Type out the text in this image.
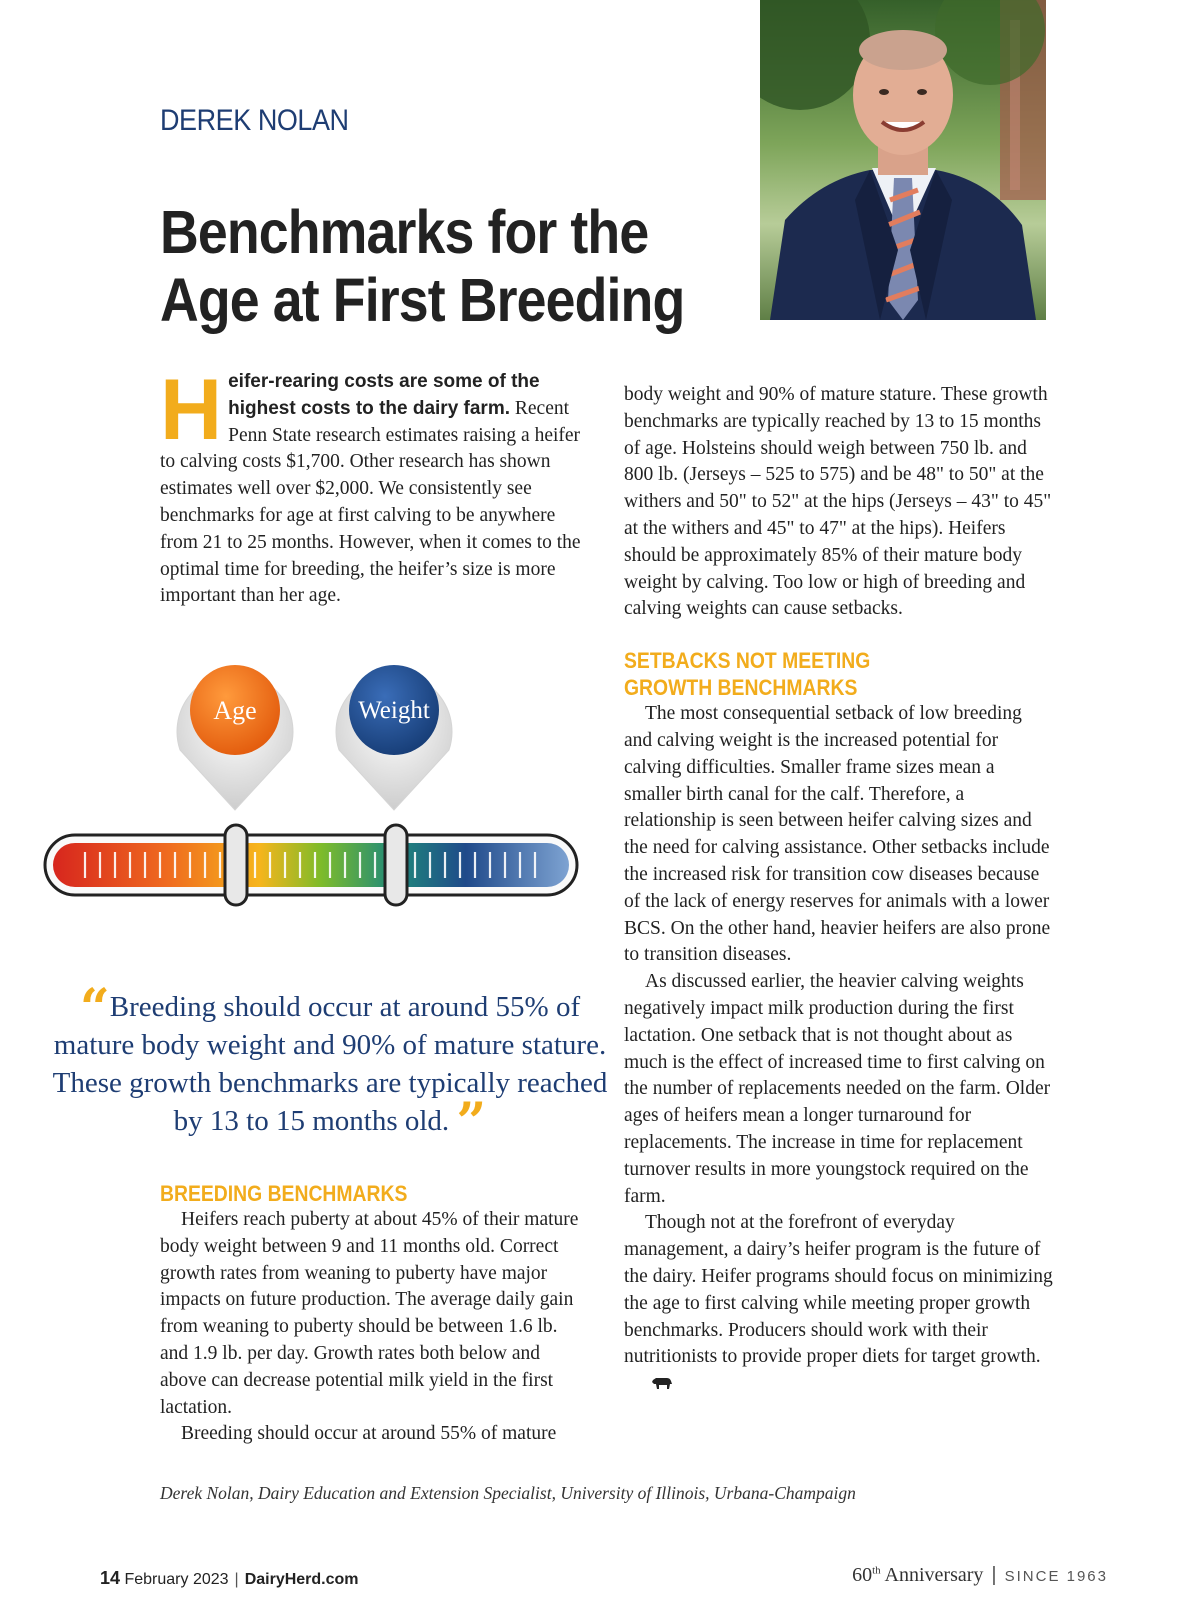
DEREK NOLAN
Benchmarks for the
Age at First Breeding

Heifer-rearing costs are some of the highest costs to the dairy farm. Recent Penn State research estimates raising a heifer to calving costs $1,700. Other research has shown estimates well over $2,000. We consistently see benchmarks for age at first calving to be anywhere from 21 to 25 months. However, when it comes to the optimal time for breeding, the heifer’s size is more important than her age.

Age	Weight
“Breeding should occur at around 55% of mature body weight and 90% of mature stature. These growth benchmarks are typically reached by 13 to 15 months old. ”
BREEDING BENCHMARKS

Heifers reach puberty at about 45% of their mature body weight between 9 and 11 months old. Correct growth rates from weaning to puberty have major impacts on future production. The average daily gain from weaning to puberty should be between 1.6 lb. and 1.9 lb. per day. Growth rates both below and above can decrease potential milk yield in the first lactation.

Breeding should occur at around 55% of mature

body weight and 90% of mature stature. These growth benchmarks are typically reached by 13 to 15 months of age. Holsteins should weigh between 750 lb. and 800 lb. (Jerseys – 525 to 575) and be 48" to 50" at the withers and 50" to 52" at the hips (Jerseys – 43" to 45" at the withers and 45" to 47" at the hips). Heifers should be approximately 85% of their mature body weight by calving. Too low or high of breeding and calving weights can cause setbacks.

SETBACKS NOT MEETING
GROWTH BENCHMARKS

The most consequential setback of low breeding and calving weight is the increased potential for calving difficulties. Smaller frame sizes mean a smaller birth canal for the calf. Therefore, a relationship is seen between heifer calving sizes and the need for calving assistance. Other setbacks include the increased risk for transition cow diseases because of the lack of energy reserves for animals with a lower BCS. On the other hand, heavier heifers are also prone to transition diseases.

As discussed earlier, the heavier calving weights negatively impact milk production during the first lactation. One setback that is not thought about as much is the effect of increased time to first calving on the number of replacements needed on the farm. Older ages of heifers mean a longer turnaround for replacements. The increase in time for replacement turnover results in more youngstock required on the farm.

Though not at the forefront of everyday management, a dairy’s heifer program is the future of the dairy. Heifer programs should focus on minimizing the age to first calving while meeting proper growth benchmarks. Producers should work with their nutritionists to provide proper diets for target growth.

Derek Nolan, Dairy Education and Extension Specialist, University of Illinois, Urbana-Champaign
14 February 2023 | DairyHerd.com	60th Anniversary | SINCE 1963
